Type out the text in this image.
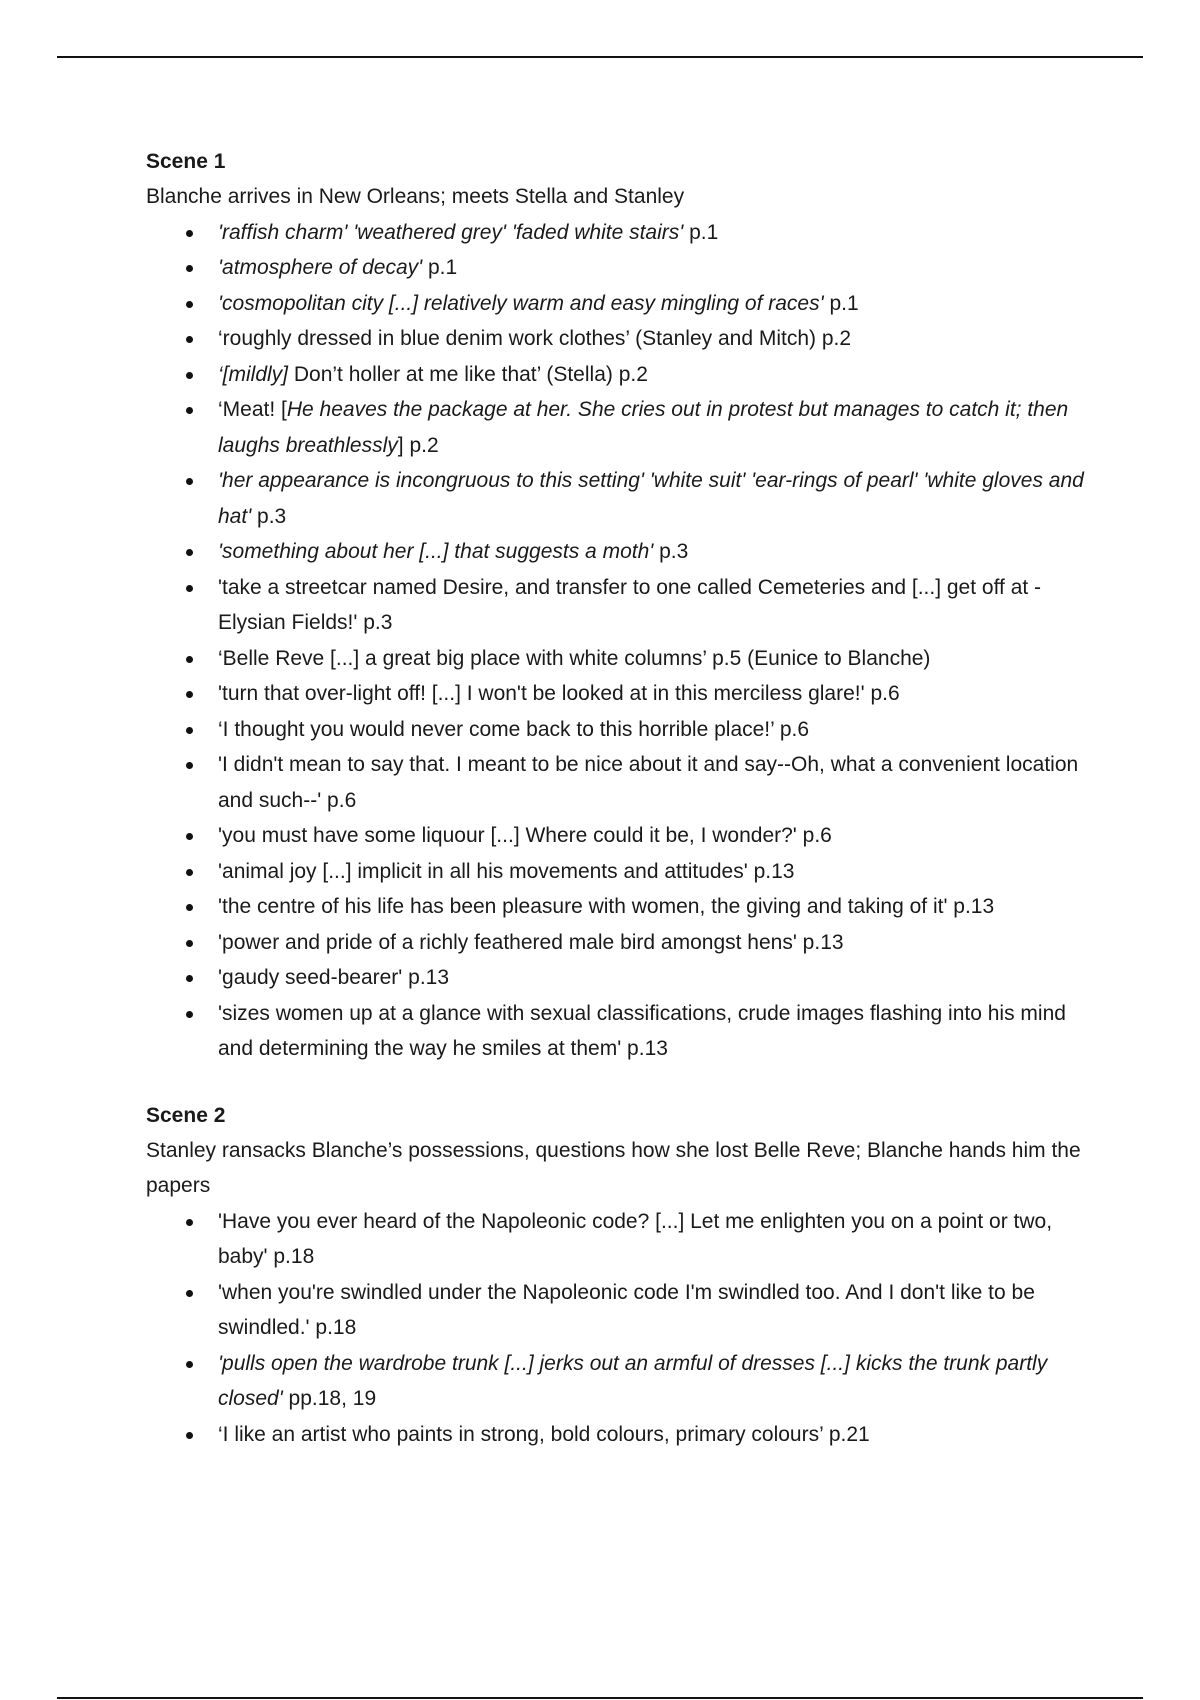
Scene 1

Blanche arrives in New Orleans; meets Stella and Stanley

'raffish charm' 'weathered grey' 'faded white stairs' p.1
'atmosphere of decay' p.1
'cosmopolitan city [...] relatively warm and easy mingling of races' p.1
‘roughly dressed in blue denim work clothes’ (Stanley and Mitch) p.2
‘[mildly] Don’t holler at me like that’ (Stella) p.2
‘Meat! [He heaves the package at her. She cries out in protest but manages to catch it; then laughs breathlessly] p.2
'her appearance is incongruous to this setting' 'white suit' 'ear-rings of pearl' 'white gloves and hat' p.3
'something about her [...] that suggests a moth' p.3
'take a streetcar named Desire, and transfer to one called Cemeteries and [...] get off at - Elysian Fields!' p.3
‘Belle Reve [...] a great big place with white columns’ p.5 (Eunice to Blanche)
'turn that over-light off! [...] I won't be looked at in this merciless glare!' p.6
‘I thought you would never come back to this horrible place!’ p.6
'I didn't mean to say that. I meant to be nice about it and say--Oh, what a convenient location and such--' p.6
'you must have some liquour [...] Where could it be, I wonder?' p.6
'animal joy [...] implicit in all his movements and attitudes' p.13
'the centre of his life has been pleasure with women, the giving and taking of it' p.13
'power and pride of a richly feathered male bird amongst hens' p.13
'gaudy seed-bearer' p.13
'sizes women up at a glance with sexual classifications, crude images flashing into his mind and determining the way he smiles at them' p.13

Scene 2

Stanley ransacks Blanche’s possessions, questions how she lost Belle Reve; Blanche hands him the papers

'Have you ever heard of the Napoleonic code? [...] Let me enlighten you on a point or two, baby' p.18
'when you're swindled under the Napoleonic code I'm swindled too. And I don't like to be swindled.' p.18
'pulls open the wardrobe trunk [...] jerks out an armful of dresses [...] kicks the trunk partly closed' pp.18, 19
‘I like an artist who paints in strong, bold colours, primary colours’ p.21
